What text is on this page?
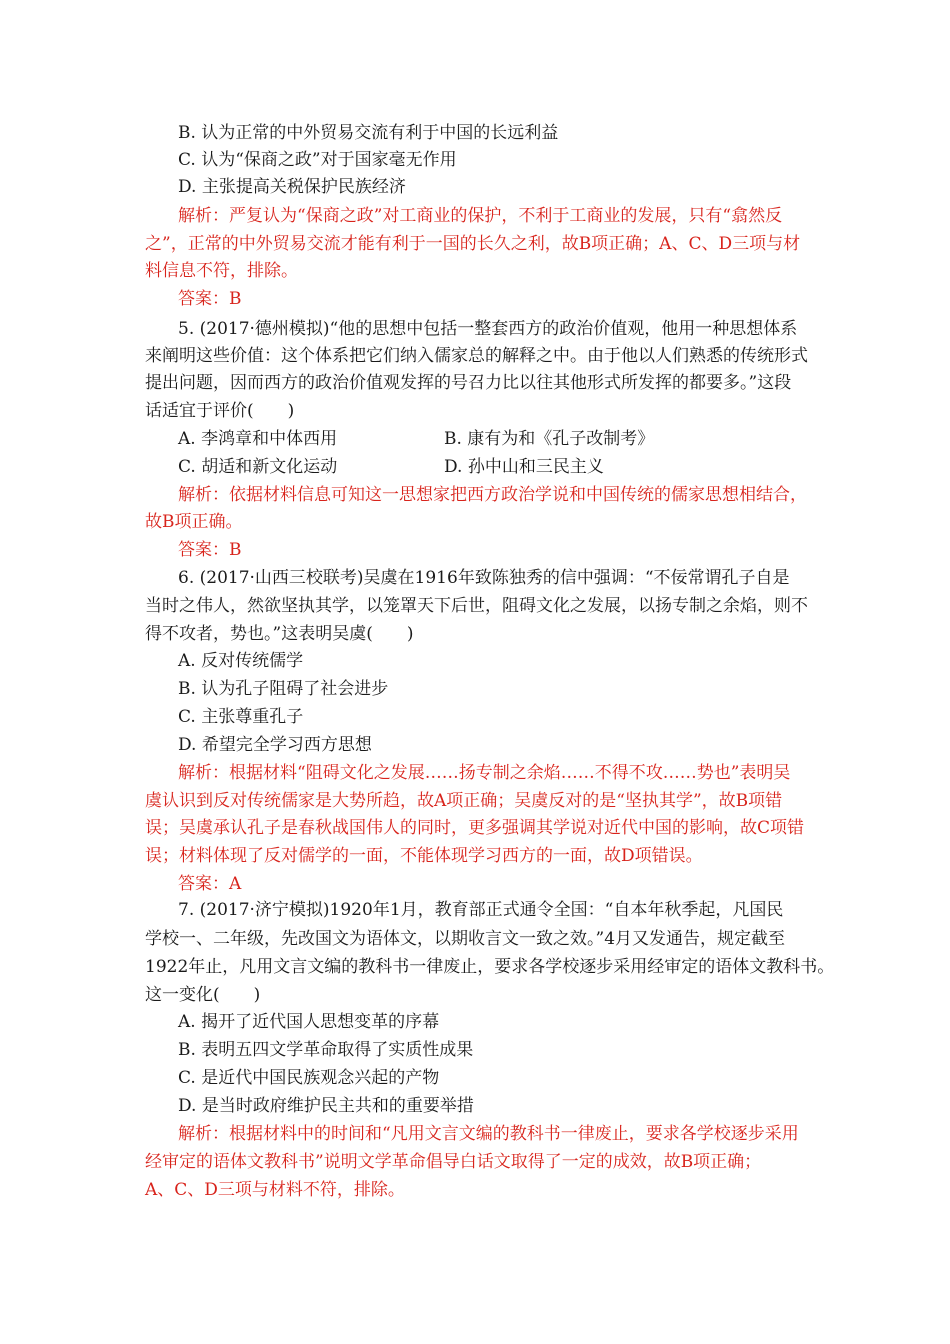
B. 认为正常的中外贸易交流有利于中国的长远利益
C. 认为“保商之政”对于国家毫无作用
D. 主张提高关税保护民族经济
解析：严复认为“保商之政”对工商业的保护，不利于工商业的发展，只有“翕然反
之”，正常的中外贸易交流才能有利于一国的长久之利，故B项正确；A、C、D三项与材
料信息不符，排除。
答案：B
5. (2017·德州模拟)“他的思想中包括一整套西方的政治价值观，他用一种思想体系
来阐明这些价值：这个体系把它们纳入儒家总的解释之中。由于他以人们熟悉的传统形式
提出问题，因而西方的政治价值观发挥的号召力比以往其他形式所发挥的都要多。”这段
话适宜于评价(　　)
A. 李鸿章和中体西用	B. 康有为和《孔子改制考》
C. 胡适和新文化运动	D. 孙中山和三民主义
解析：依据材料信息可知这一思想家把西方政治学说和中国传统的儒家思想相结合，
故B项正确。
答案：B
6. (2017·山西三校联考)吴虞在1916年致陈独秀的信中强调：“不佞常谓孔子自是
当时之伟人，然欲坚执其学，以笼罩天下后世，阻碍文化之发展，以扬专制之余焰，则不
得不攻者，势也。”这表明吴虞(　　)
A. 反对传统儒学
B. 认为孔子阻碍了社会进步
C. 主张尊重孔子
D. 希望完全学习西方思想
解析：根据材料“阻碍文化之发展……扬专制之余焰……不得不攻……势也”表明吴
虞认识到反对传统儒家是大势所趋，故A项正确；吴虞反对的是“坚执其学”，故B项错
误；吴虞承认孔子是春秋战国伟人的同时，更多强调其学说对近代中国的影响，故C项错
误；材料体现了反对儒学的一面，不能体现学习西方的一面，故D项错误。
答案：A
7. (2017·济宁模拟)1920年1月，教育部正式通令全国：“自本年秋季起，凡国民
学校一、二年级，先改国文为语体文，以期收言文一致之效。”4月又发通告，规定截至
1922年止，凡用文言文编的教科书一律废止，要求各学校逐步采用经审定的语体文教科书。
这一变化(　　)
A. 揭开了近代国人思想变革的序幕
B. 表明五四文学革命取得了实质性成果
C. 是近代中国民族观念兴起的产物
D. 是当时政府维护民主共和的重要举措
解析：根据材料中的时间和“凡用文言文编的教科书一律废止，要求各学校逐步采用
经审定的语体文教科书”说明文学革命倡导白话文取得了一定的成效，故B项正确；
A、C、D三项与材料不符，排除。
